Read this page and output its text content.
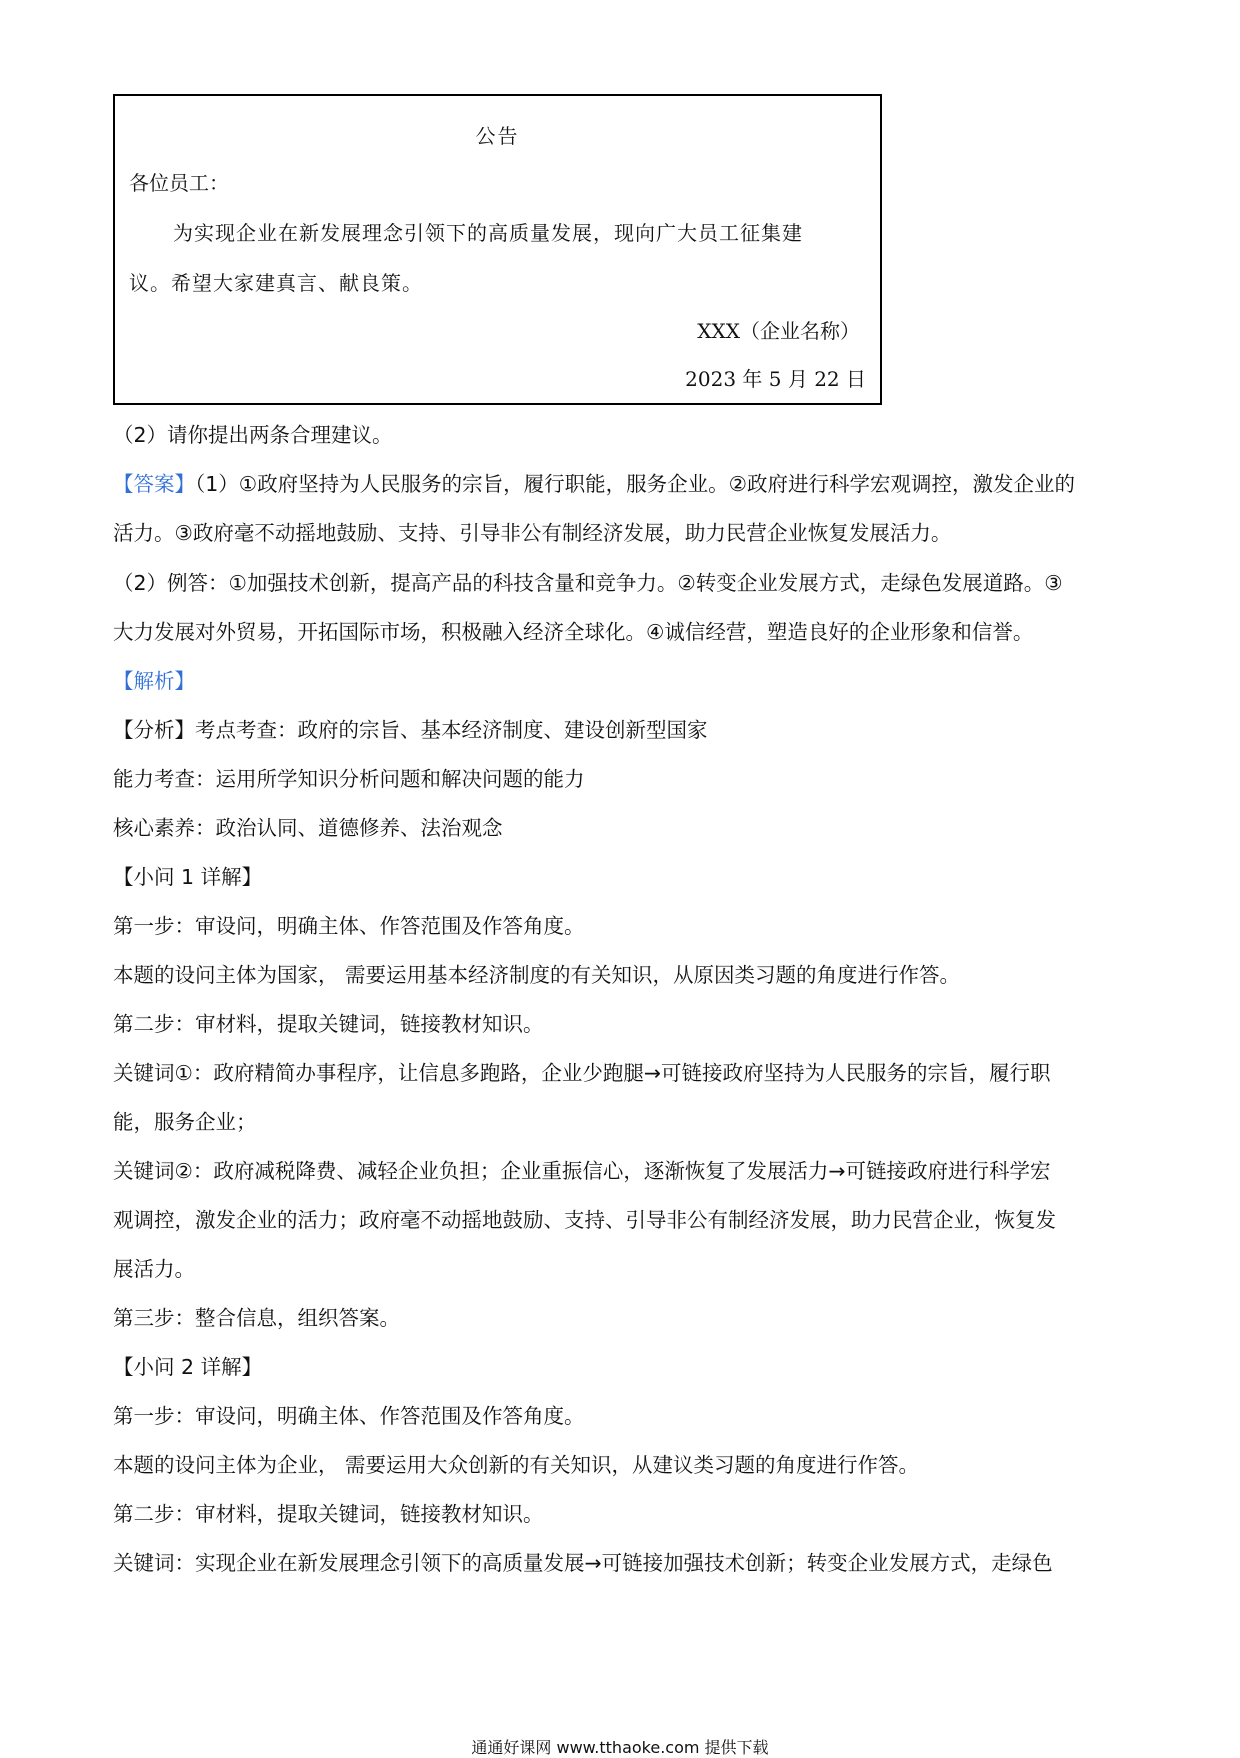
公告
各位员工：
为实现企业在新发展理念引领下的高质量发展，现向广大员工征集建
议。希望大家建真言、献良策。
XXX（企业名称）
2023 年 5 月 22 日
（2）请你提出两条合理建议。
【答案】（1）①政府坚持为人民服务的宗旨，履行职能，服务企业。②政府进行科学宏观调控，激发企业的
活力。③政府毫不动摇地鼓励、支持、引导非公有制经济发展，助力民营企业恢复发展活力。
（2）例答：①加强技术创新，提高产品的科技含量和竞争力。②转变企业发展方式，走绿色发展道路。③
大力发展对外贸易，开拓国际市场，积极融入经济全球化。④诚信经营，塑造良好的企业形象和信誉。
【解析】
【分析】考点考查：政府的宗旨、基本经济制度、建设创新型国家
能力考查：运用所学知识分析问题和解决问题的能力
核心素养：政治认同、道德修养、法治观念
【小问 1 详解】
第一步：审设问，明确主体、作答范围及作答角度。
本题的设问主体为国家， 需要运用基本经济制度的有关知识，从原因类习题的角度进行作答。
第二步：审材料，提取关键词，链接教材知识。
关键词①：政府精简办事程序，让信息多跑路，企业少跑腿→可链接政府坚持为人民服务的宗旨，履行职
能，服务企业；
关键词②：政府减税降费、减轻企业负担；企业重振信心，逐渐恢复了发展活力→可链接政府进行科学宏
观调控，激发企业的活力；政府毫不动摇地鼓励、支持、引导非公有制经济发展，助力民营企业，恢复发
展活力。
第三步：整合信息，组织答案。
【小问 2 详解】
第一步：审设问，明确主体、作答范围及作答角度。
本题的设问主体为企业， 需要运用大众创新的有关知识，从建议类习题的角度进行作答。
第二步：审材料，提取关键词，链接教材知识。
关键词：实现企业在新发展理念引领下的高质量发展→可链接加强技术创新；转变企业发展方式，走绿色
通通好课网 www.tthaoke.com 提供下载
